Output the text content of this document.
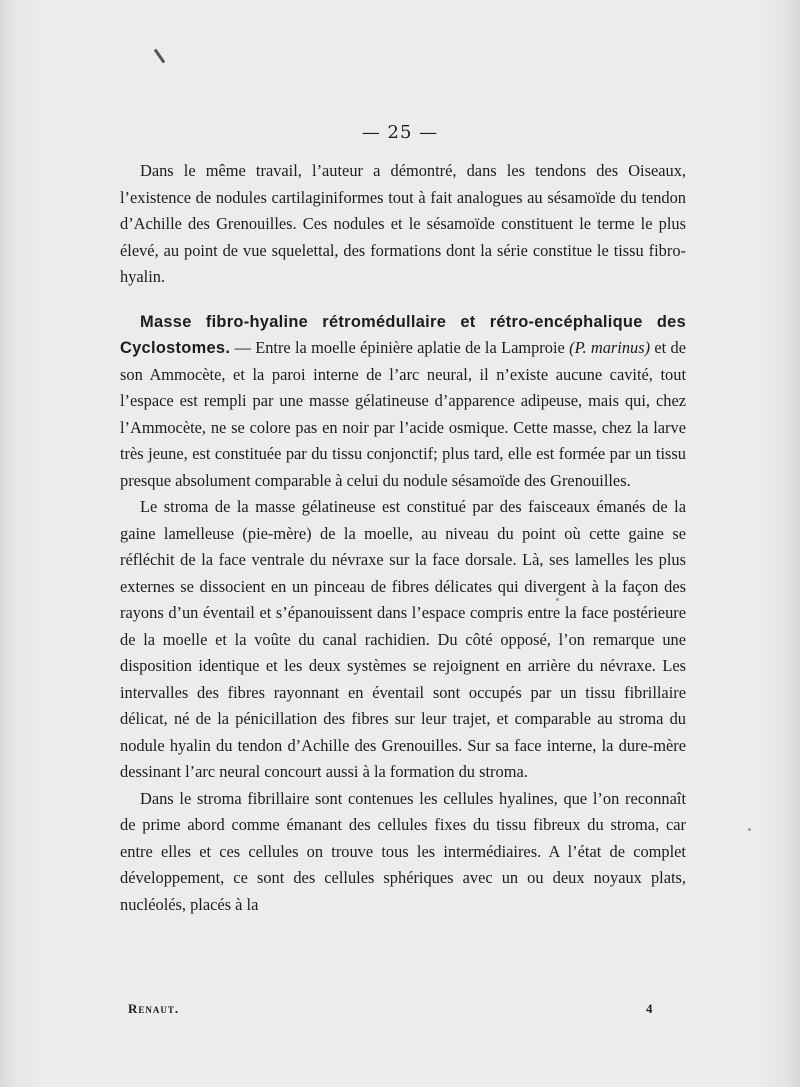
— 25 —

Dans le même travail, l’auteur a démontré, dans les tendons des Oiseaux, l’existence de nodules cartilaginiformes tout à fait analogues au sésamoïde du tendon d’Achille des Grenouilles. Ces nodules et le sésamoïde constituent le terme le plus élevé, au point de vue squelettal, des formations dont la série constitue le tissu fibro-hyalin.

Masse fibro-hyaline rétromédullaire et rétro-encéphalique des Cyclostomes. — Entre la moelle épinière aplatie de la Lamproie (P. marinus) et de son Ammocète, et la paroi interne de l’arc neural, il n’existe aucune cavité, tout l’espace est rempli par une masse gélatineuse d’apparence adipeuse, mais qui, chez l’Ammocète, ne se colore pas en noir par l’acide osmique. Cette masse, chez la larve très jeune, est constituée par du tissu conjonctif; plus tard, elle est formée par un tissu presque absolument comparable à celui du nodule sésamoïde des Grenouilles.

Le stroma de la masse gélatineuse est constitué par des faisceaux émanés de la gaine lamelleuse (pie-mère) de la moelle, au niveau du point où cette gaine se réfléchit de la face ventrale du névraxe sur la face dorsale. Là, ses lamelles les plus externes se dissocient en un pinceau de fibres délicates qui divergent à la façon des rayons d’un éventail et s’épanouissent dans l’espace compris entre la face postérieure de la moelle et la voûte du canal rachidien. Du côté opposé, l’on remarque une disposition identique et les deux systèmes se rejoignent en arrière du névraxe. Les intervalles des fibres rayonnant en éventail sont occupés par un tissu fibrillaire délicat, né de la pénicillation des fibres sur leur trajet, et comparable au stroma du nodule hyalin du tendon d’Achille des Grenouilles. Sur sa face interne, la dure-mère dessinant l’arc neural concourt aussi à la formation du stroma.

Dans le stroma fibrillaire sont contenues les cellules hyalines, que l’on reconnaît de prime abord comme émanant des cellules fixes du tissu fibreux du stroma, car entre elles et ces cellules on trouve tous les intermédiaires. A l’état de complet développement, ce sont des cellules sphériques avec un ou deux noyaux plats, nucléolés, placés à la

Renaut.	4
